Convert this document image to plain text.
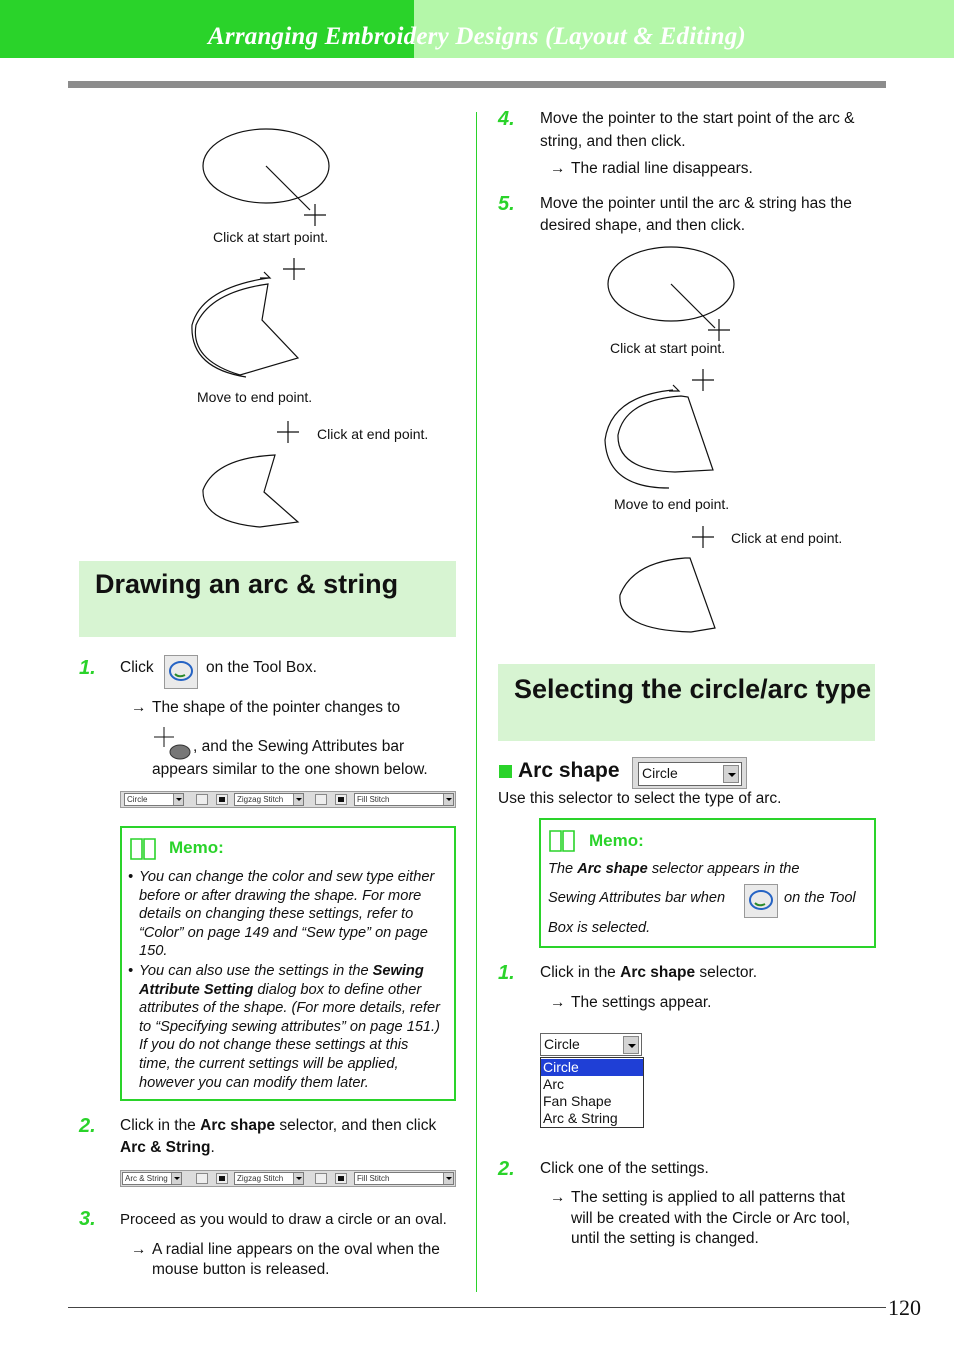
Arranging Embroidery Designs (Layout & Editing)
Click at start point.
Move to end point.
Click at end point.
Drawing an arc & string
1. Click	on the Tool Box.
→ The shape of the pointer changes to
, and the Sewing Attributes bar
appears similar to the one shown below.
Circle	Zigzag Stitch	Fill Stitch
Memo:
• You can change the color and sew type either before or after drawing the shape. For more details on changing these settings, refer to “Color” on page 149 and “Sew type” on page 150.
• You can also use the settings in the Sewing Attribute Setting dialog box to define other attributes of the shape. (For more details, refer to “Specifying sewing attributes” on page 151.) If you do not change these settings at this time, the current settings will be applied, however you can modify them later.
2. Click in the Arc shape selector, and then click
Arc & String.
Arc & String	Zigzag Stitch	Fill Stitch
3. Proceed as you would to draw a circle or an oval.
→ A radial line appears on the oval when the
mouse button is released.
4. Move the pointer to the start point of the arc &
string, and then click.
→ The radial line disappears.
5. Move the pointer until the arc & string has the
desired shape, and then click.
Click at start point.
Move to end point.
Click at end point.
Selecting the circle/arc type
Arc shape Circle
Use this selector to select the type of arc.
Memo:
The Arc shape selector appears in the
Sewing Attributes bar when	on the Tool
Box is selected.
1. Click in the Arc shape selector.
→ The settings appear.
Circle
Circle
Arc
Fan Shape
Arc & String
2. Click one of the settings.
→ The setting is applied to all patterns that
will be created with the Circle or Arc tool,
until the setting is changed.
120
